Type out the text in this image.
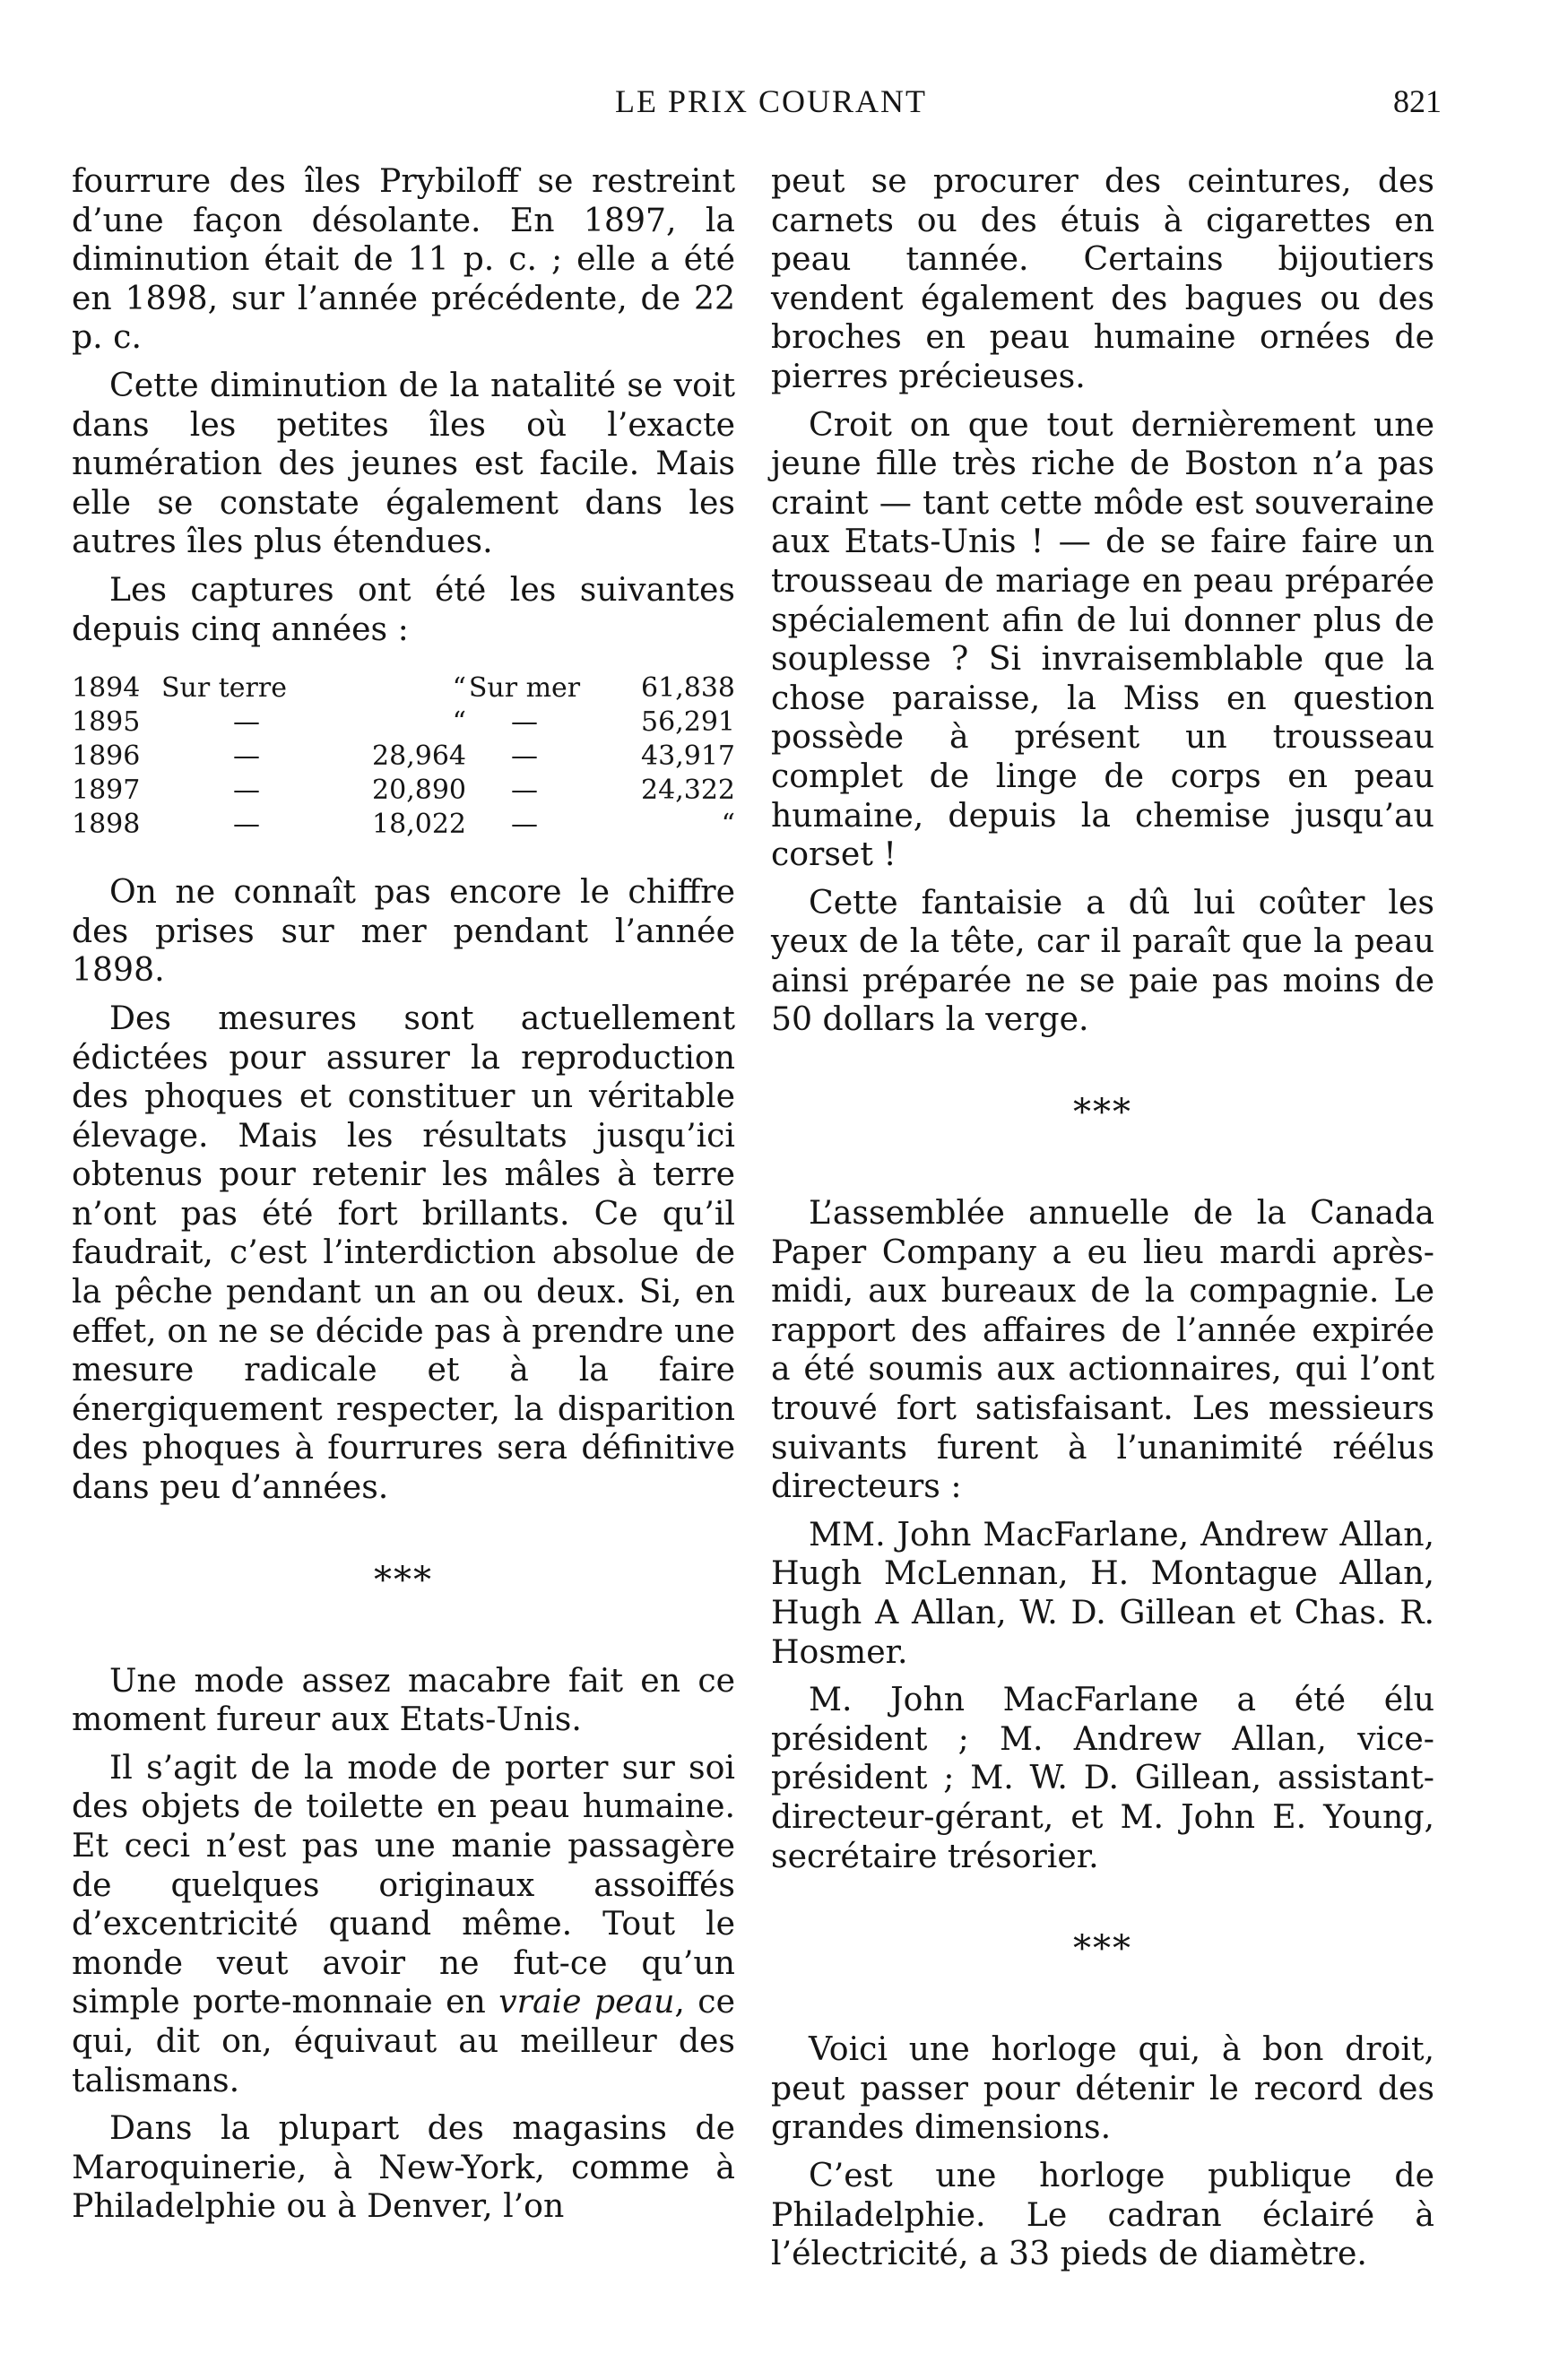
LE PRIX COURANT	821

fourrure des îles Prybiloff se restreint d’une façon désolante. En 1897, la diminution était de 11 p. c. ; elle a été en 1898, sur l’année précédente, de 22 p. c.

Cette diminution de la natalité se voit dans les petites îles où l’exacte numération des jeunes est facile. Mais elle se constate également dans les autres îles plus étendues.

Les captures ont été les suivantes depuis cinq années :

1894	Sur terre	“	Sur mer	61,838
1895	—	“	—	56,291
1896	—	28,964	—	43,917
1897	—	20,890	—	24,322
1898	—	18,022	—	“

On ne connaît pas encore le chiffre des prises sur mer pendant l’année 1898.

Des mesures sont actuellement édictées pour assurer la reproduction des phoques et constituer un véritable élevage. Mais les résultats jusqu’ici obtenus pour retenir les mâles à terre n’ont pas été fort brillants. Ce qu’il faudrait, c’est l’interdiction absolue de la pêche pendant un an ou deux. Si, en effet, on ne se décide pas à prendre une mesure radicale et à la faire énergiquement respecter, la disparition des phoques à fourrures sera définitive dans peu d’années.

***

Une mode assez macabre fait en ce moment fureur aux Etats-Unis.

Il s’agit de la mode de porter sur soi des objets de toilette en peau humaine. Et ceci n’est pas une manie passagère de quelques originaux assoiffés d’excentricité quand même. Tout le monde veut avoir ne fut-ce qu’un simple porte-monnaie en vraie peau, ce qui, dit on, équivaut au meilleur des talismans.

Dans la plupart des magasins de Maroquinerie, à New-York, comme à Philadelphie ou à Denver, l’on

peut se procurer des ceintures, des carnets ou des étuis à cigarettes en peau tannée. Certains bijoutiers vendent également des bagues ou des broches en peau humaine ornées de pierres précieuses.

Croit on que tout dernièrement une jeune fille très riche de Boston n’a pas craint — tant cette môde est souveraine aux Etats-Unis ! — de se faire faire un trousseau de mariage en peau préparée spécialement afin de lui donner plus de souplesse ? Si invraisemblable que la chose paraisse, la Miss en question possède à présent un trousseau complet de linge de corps en peau humaine, depuis la chemise jusqu’au corset !

Cette fantaisie a dû lui coûter les yeux de la tête, car il paraît que la peau ainsi préparée ne se paie pas moins de 50 dollars la verge.

***

L’assemblée annuelle de la Canada Paper Company a eu lieu mardi après-midi, aux bureaux de la compagnie. Le rapport des affaires de l’année expirée a été soumis aux actionnaires, qui l’ont trouvé fort satisfaisant. Les messieurs suivants furent à l’unanimité réélus directeurs :

MM. John MacFarlane, Andrew Allan, Hugh McLennan, H. Montague Allan, Hugh A Allan, W. D. Gillean et Chas. R. Hosmer.

M. John MacFarlane a été élu président ; M. Andrew Allan, vice-président ; M. W. D. Gillean, assistant-directeur-gérant, et M. John E. Young, secrétaire trésorier.

***

Voici une horloge qui, à bon droit, peut passer pour détenir le record des grandes dimensions.

C’est une horloge publique de Philadelphie. Le cadran éclairé à l’électricité, a 33 pieds de diamètre.
